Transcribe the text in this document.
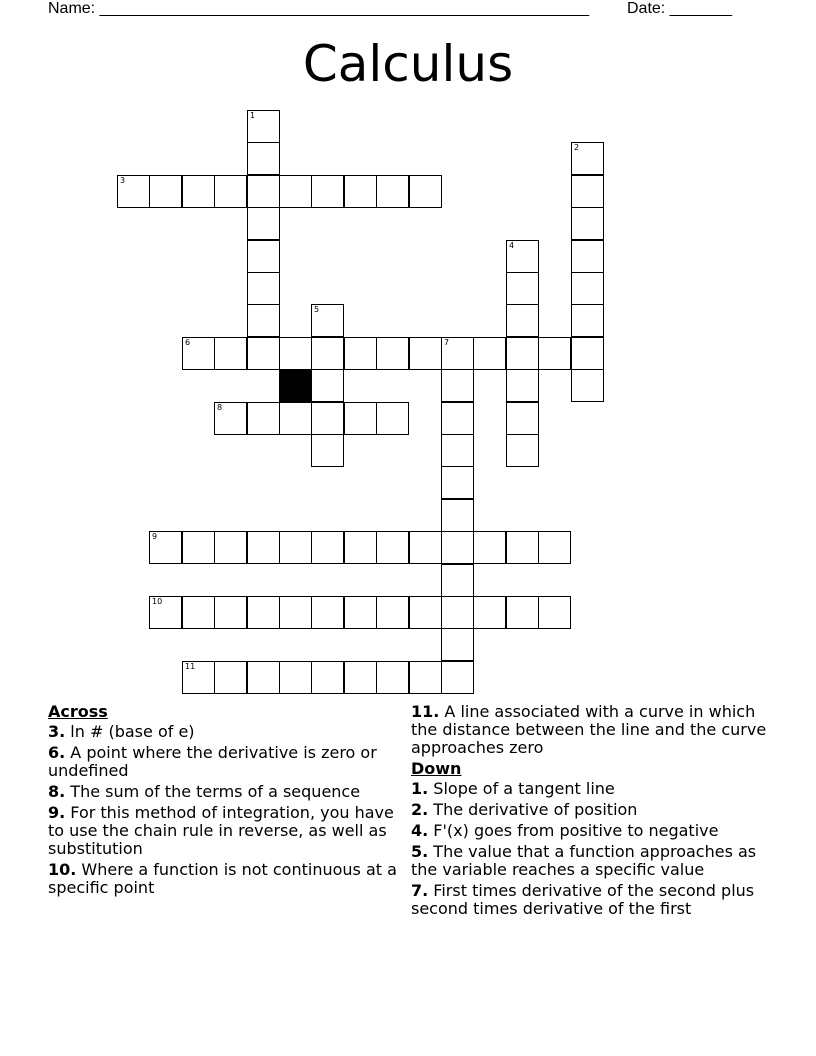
Name: _______________________________________________________ Date: _______
Calculus
1
2
3
4
5
6	7
8
9
10
11
Across
3. ln # (base of e)
6. A point where the derivative is zero or undefined
8. The sum of the terms of a sequence
9. For this method of integration, you have to use the chain rule in reverse, as well as substitution
10. Where a function is not continuous at a specific point
11. A line associated with a curve in which the distance between the line and the curve approaches zero
Down
1. Slope of a tangent line
2. The derivative of position
4. F'(x) goes from positive to negative
5. The value that a function approaches as the variable reaches a specific value
7. First times derivative of the second plus second times derivative of the first
